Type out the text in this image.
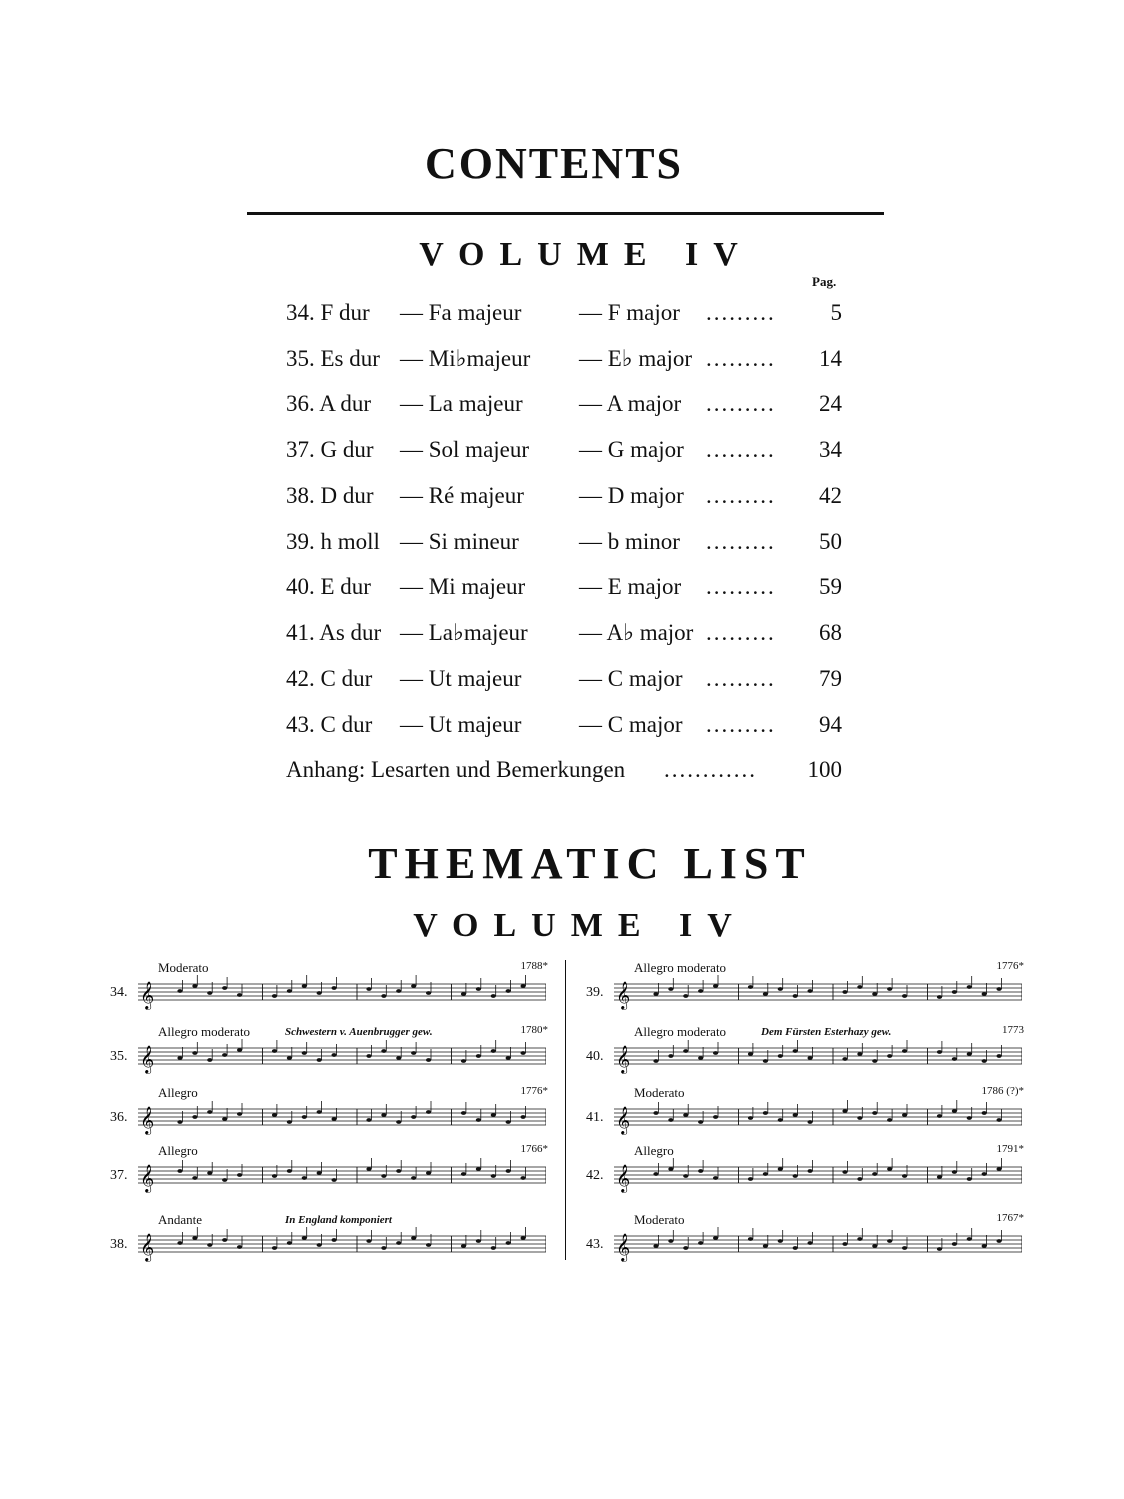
CONTENTS
VOLUME IV
Pag.
34. F dur — Fa majeur	— F major	5
.........
35. Es dur — Mi♭majeur — E♭ major	14
.........
36. A dur — La majeur — A major	24
.........
37. G dur — Sol majeur — G major	34
.........
38. D dur — Ré majeur — D major	42
.........
39. h moll — Si mineur	— b minor	50
.........
40. E dur — Mi majeur — E major	59
.........
41. As dur — La♭majeur — A♭ major	68
.........
42. C dur — Ut majeur	— C major	79
.........
43. C dur — Ut majeur	— C major	94
.........
Anhang: Lesarten und Bemerkungen	100
............
THEMATIC LIST
VOLUME IV
34.
Moderato	1788*
𝄞
35.
Allegro moderato	Schwestern v. Auenbrugger gew.	1780*
𝄞
36.
Allegro	1776*
𝄞
37.
Allegro	1766*
𝄞
38.
Andante	In England komponiert
𝄞
39.
Allegro moderato	1776*
𝄞
40.
Allegro moderato	Dem Fürsten Esterhazy gew.	1773
𝄞
41.
Moderato	1786 (?)*
𝄞
42.
Allegro	1791*
𝄞
43.
Moderato	1767*
𝄞
